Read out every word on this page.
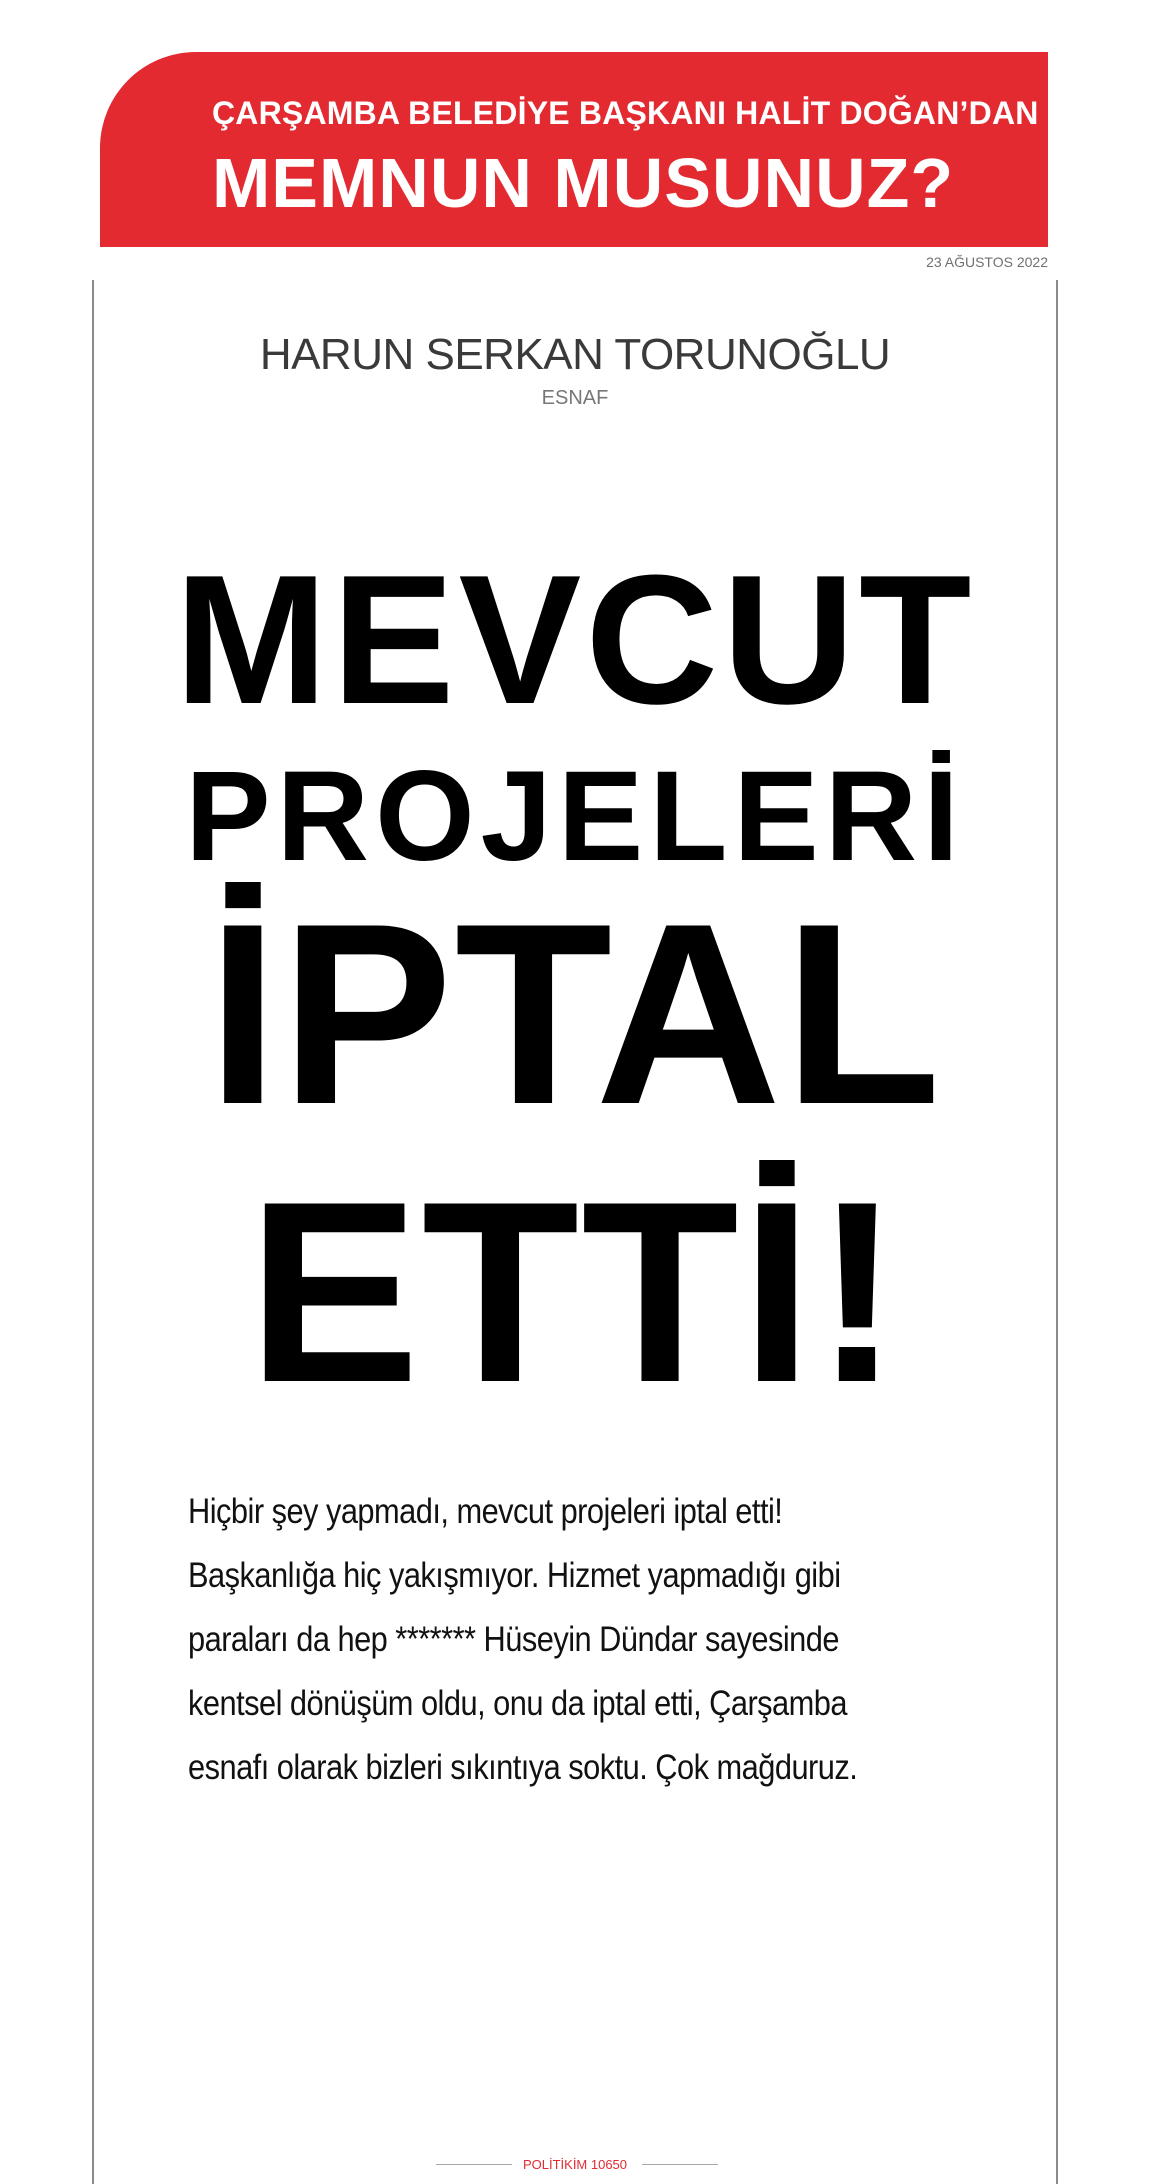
ÇARŞAMBA BELEDİYE BAŞKANI HALİT DOĞAN’DAN
MEMNUN MUSUNUZ?
23 AĞUSTOS 2022
HARUN SERKAN TORUNOĞLU
ESNAF
MEVCUT
PROJELERİ
İPTAL
ETTİ!
Hiçbir şey yapmadı, mevcut projeleri iptal etti!
Başkanlığa hiç yakışmıyor. Hizmet yapmadığı gibi
paraları da hep ******* Hüseyin Dündar sayesinde
kentsel dönüşüm oldu, onu da iptal etti, Çarşamba
esnafı olarak bizleri sıkıntıya soktu. Çok mağduruz.
POLİTİKİM 10650
